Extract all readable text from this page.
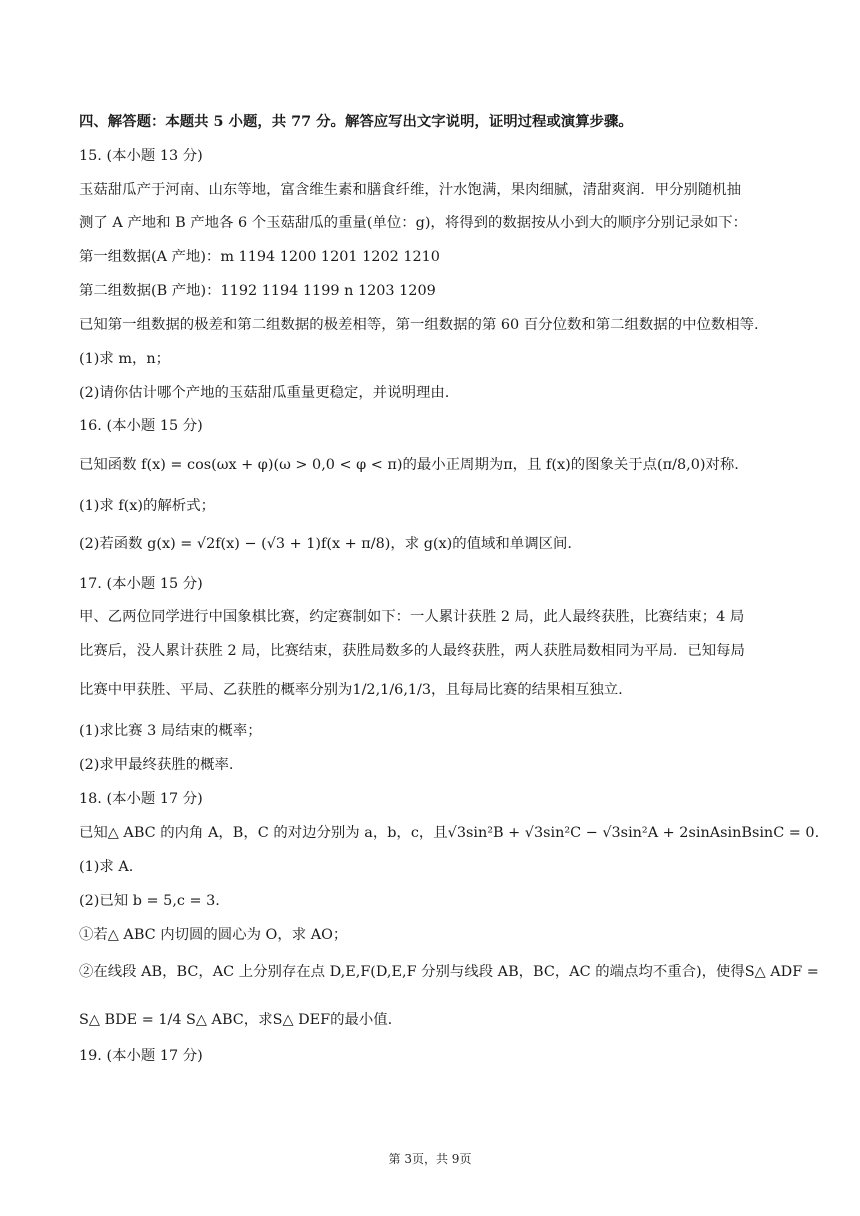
四、解答题：本题共 5 小题，共 77 分。解答应写出文字说明，证明过程或演算步骤。
15. (本小题 13 分)
玉菇甜瓜产于河南、山东等地，富含维生素和膳食纤维，汁水饱满，果肉细腻，清甜爽润．甲分别随机抽
测了 A 产地和 B 产地各 6 个玉菇甜瓜的重量(单位：g)，将得到的数据按从小到大的顺序分别记录如下：
第一组数据(A 产地)：m 1194 1200 1201 1202 1210
第二组数据(B 产地)：1192 1194 1199 n 1203 1209
已知第一组数据的极差和第二组数据的极差相等，第一组数据的第 60 百分位数和第二组数据的中位数相等.
(1)求 m，n；
(2)请你估计哪个产地的玉菇甜瓜重量更稳定，并说明理由.
16. (本小题 15 分)
已知函数 f(x) = cos(ωx + φ)(ω > 0,0 < φ < π)的最小正周期为π，且 f(x)的图象关于点(π/8,0)对称.
(1)求 f(x)的解析式；
(2)若函数 g(x) = √2f(x) − (√3 + 1)f(x + π/8)，求 g(x)的值域和单调区间.
17. (本小题 15 分)
甲、乙两位同学进行中国象棋比赛，约定赛制如下：一人累计获胜 2 局，此人最终获胜，比赛结束；4 局
比赛后，没人累计获胜 2 局，比赛结束，获胜局数多的人最终获胜，两人获胜局数相同为平局．已知每局
比赛中甲获胜、平局、乙获胜的概率分别为1/2,1/6,1/3，且每局比赛的结果相互独立.
(1)求比赛 3 局结束的概率；
(2)求甲最终获胜的概率.
18. (本小题 17 分)
已知△ ABC 的内角 A，B，C 的对边分别为 a，b，c，且√3sin²B + √3sin²C − √3sin²A + 2sinAsinBsinC = 0.
(1)求 A.
(2)已知 b = 5,c = 3.
①若△ ABC 内切圆的圆心为 O，求 AO；
②在线段 AB，BC，AC 上分别存在点 D,E,F(D,E,F 分别与线段 AB，BC，AC 的端点均不重合)，使得S△ ADF =
S△ BDE = 1/4 S△ ABC，求S△ DEF的最小值.
19. (本小题 17 分)
第 3页，共 9页
